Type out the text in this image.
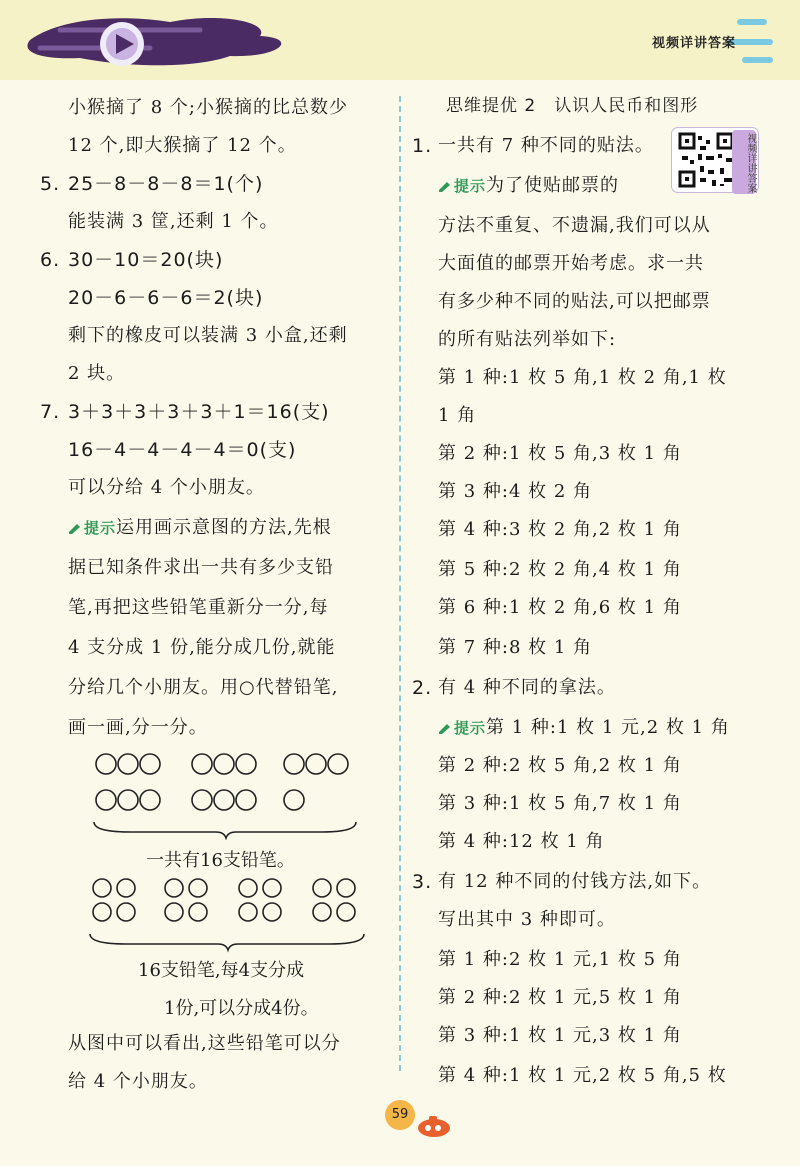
视频详讲答案
小猴摘了 8 个;小猴摘的比总数少
12 个,即大猴摘了 12 个。
5. 25－8－8－8＝1(个)
能装满 3 筐,还剩 1 个。
6. 30－10＝20(块)
20－6－6－6＝2(块)
剩下的橡皮可以装满 3 小盒,还剩
2 块。
7. 3＋3＋3＋3＋3＋1＝16(支)
16－4－4－4－4＝0(支)
可以分给 4 个小朋友。
提示运用画示意图的方法,先根
据已知条件求出一共有多少支铅
笔,再把这些铅笔重新分一分,每
4 支分成 1 份,能分成几份,就能
分给几个小朋友。用○代替铅笔,
画一画,分一分。
一共有16支铅笔。
16支铅笔,每4支分成
1份,可以分成4份。
从图中可以看出,这些铅笔可以分
给 4 个小朋友。
思维提优 2　认识人民币和图形
视频详讲答案
1. 一共有 7 种不同的贴法。
提示为了使贴邮票的
方法不重复、不遗漏,我们可以从
大面值的邮票开始考虑。求一共
有多少种不同的贴法,可以把邮票
的所有贴法列举如下:
第 1 种:1 枚 5 角,1 枚 2 角,1 枚
1 角
第 2 种:1 枚 5 角,3 枚 1 角
第 3 种:4 枚 2 角
第 4 种:3 枚 2 角,2 枚 1 角
第 5 种:2 枚 2 角,4 枚 1 角
第 6 种:1 枚 2 角,6 枚 1 角
第 7 种:8 枚 1 角
2. 有 4 种不同的拿法。
提示第 1 种:1 枚 1 元,2 枚 1 角
第 2 种:2 枚 5 角,2 枚 1 角
第 3 种:1 枚 5 角,7 枚 1 角
第 4 种:12 枚 1 角
3. 有 12 种不同的付钱方法,如下。
写出其中 3 种即可。
第 1 种:2 枚 1 元,1 枚 5 角
第 2 种:2 枚 1 元,5 枚 1 角
第 3 种:1 枚 1 元,3 枚 1 角
第 4 种:1 枚 1 元,2 枚 5 角,5 枚
59
